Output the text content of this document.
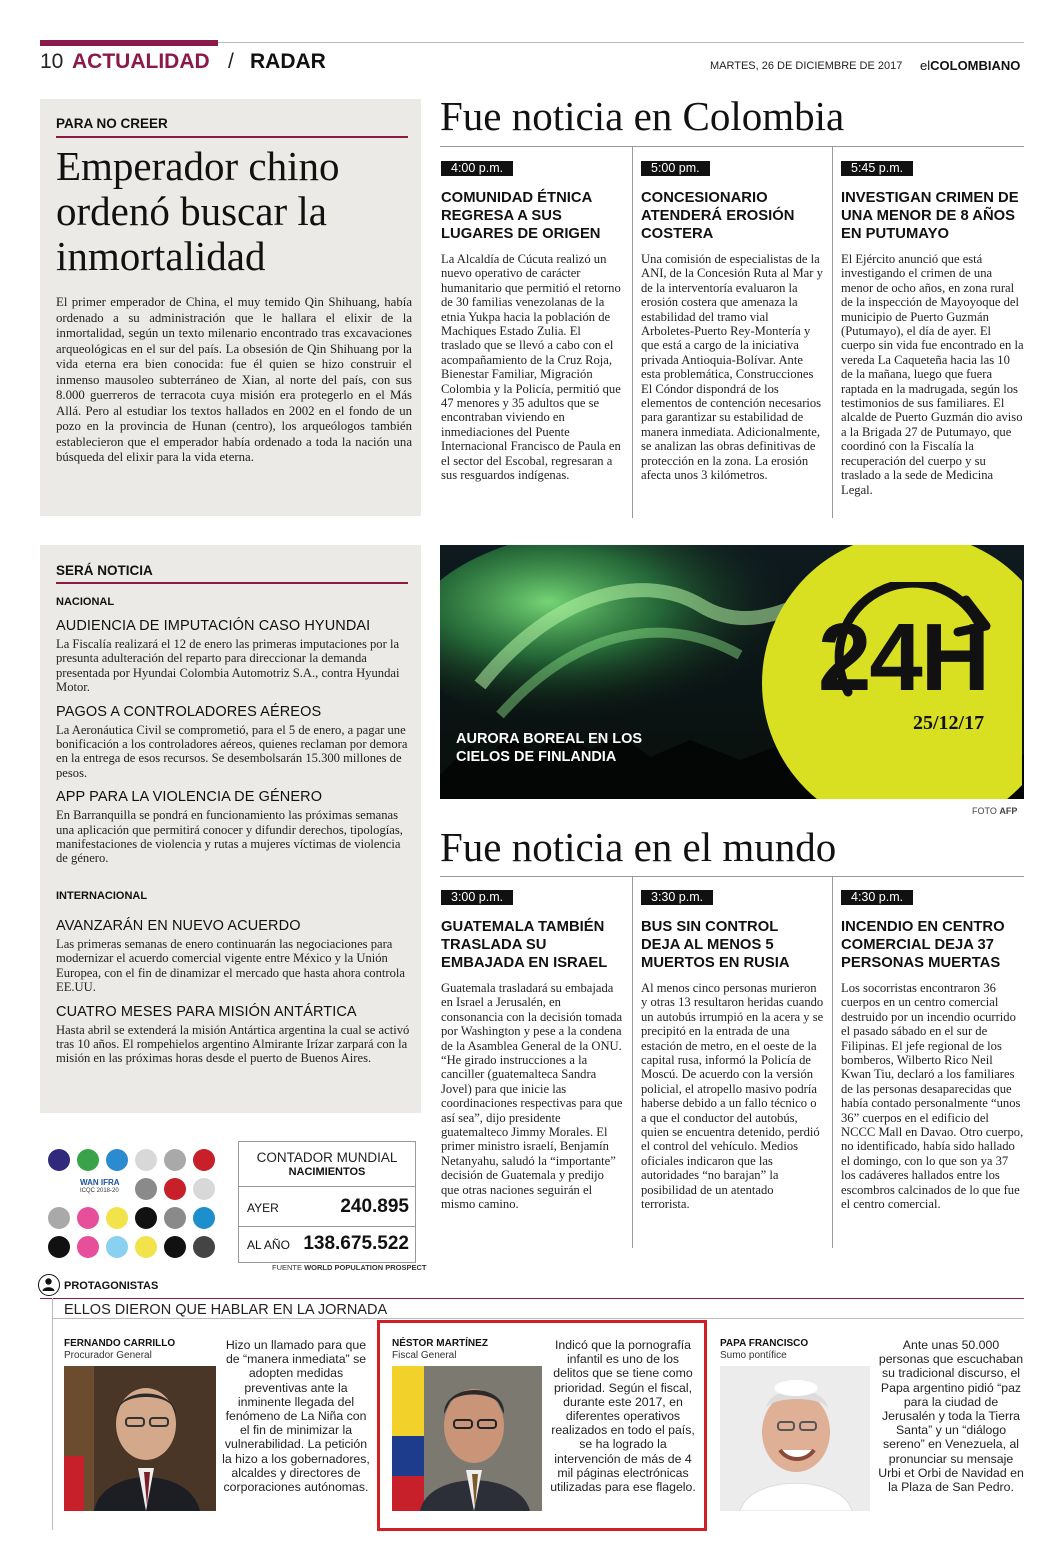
10 ACTUALIDAD / RADAR	MARTES, 26 DE DICIEMBRE DE 2017 elCOLOMBIANO
PARA NO CREER
Emperador chino ordenó buscar la inmortalidad
El primer emperador de China, el muy temido Qin Shihuang, había ordenado a su administración que le hallara el elixir de la inmortalidad, según un texto milenario encontrado tras excavaciones arqueológicas en el sur del país. La obsesión de Qin Shihuang por la vida eterna era bien conocida: fue él quien se hizo construir el inmenso mausoleo subterráneo de Xian, al norte del país, con sus 8.000 guerreros de terracota cuya misión era protegerlo en el Más Allá. Pero al estudiar los textos hallados en 2002 en el fondo de un pozo en la provincia de Hunan (centro), los arqueólogos también establecieron que el emperador había ordenado a toda la nación una búsqueda del elixir para la vida eterna.
Fue noticia en Colombia
4:00 p.m.
COMUNIDAD ÉTNICA REGRESA A SUS LUGARES DE ORIGEN
La Alcaldía de Cúcuta realizó un nuevo operativo de carácter humanitario que permitió el retorno de 30 familias venezolanas de la etnia Yukpa hacia la población de Machiques Estado Zulia. El traslado que se llevó a cabo con el acompañamiento de la Cruz Roja, Bienestar Familiar, Migración Colombia y la Policía, permitió que 47 menores y 35 adultos que se encontraban viviendo en inmediaciones del Puente Internacional Francisco de Paula en el sector del Escobal, regresaran a sus resguardos indígenas.
5:00 pm.
CONCESIONARIO ATENDERÁ EROSIÓN COSTERA
Una comisión de especialistas de la ANI, de la Concesión Ruta al Mar y de la interventoría evaluaron la erosión costera que amenaza la estabilidad del tramo vial Arboletes-Puerto Rey-Montería y que está a cargo de la iniciativa privada Antioquia-Bolívar. Ante esta problemática, Construcciones El Cóndor dispondrá de los elementos de contención necesarios para garantizar su estabilidad de manera inmediata. Adicionalmente, se analizan las obras definitivas de protección en la zona. La erosión afecta unos 3 kilómetros.
5:45 p.m.
INVESTIGAN CRIMEN DE UNA MENOR DE 8 AÑOS EN PUTUMAYO
El Ejército anunció que está investigando el crimen de una menor de ocho años, en zona rural de la inspección de Mayoyoque del municipio de Puerto Guzmán (Putumayo), el día de ayer. El cuerpo sin vida fue encontrado en la vereda La Caqueteña hacia las 10 de la mañana, luego que fuera raptada en la madrugada, según los testimonios de sus familiares. El alcalde de Puerto Guzmán dio aviso a la Brigada 27 de Putumayo, que coordinó con la Fiscalía la recuperación del cuerpo y su traslado a la sede de Medicina Legal.
SERÁ NOTICIA
NACIONAL
AUDIENCIA DE IMPUTACIÓN CASO HYUNDAI
La Fiscalía realizará el 12 de enero las primeras imputaciones por la presunta adulteración del reparto para direccionar la demanda presentada por Hyundai Colombia Automotriz S.A., contra Hyundai Motor.
PAGOS A CONTROLADORES AÉREOS
La Aeronáutica Civil se comprometió, para el 5 de enero, a pagar une bonificación a los controladores aéreos, quienes reclaman por demora en la entrega de esos recursos. Se desembolsarán 15.300 millones de pesos.
APP PARA LA VIOLENCIA DE GÉNERO
En Barranquilla se pondrá en funcionamiento las próximas semanas una aplicación que permitirá conocer y difundir derechos, tipologías, manifestaciones de violencia y rutas a mujeres víctimas de violencia de género.
INTERNACIONAL
AVANZARÁN EN NUEVO ACUERDO
Las primeras semanas de enero continuarán las negociaciones para modernizar el acuerdo comercial vigente entre México y la Unión Europea, con el fin de dinamizar el mercado que hasta ahora controla EE.UU.
CUATRO MESES PARA MISIÓN ANTÁRTICA
Hasta abril se extenderá la misión Antártica argentina la cual se activó tras 10 años. El rompehielos argentino Almirante Irízar zarpará con la misión en las próximas horas desde el puerto de Buenos Aires.
AURORA BOREAL EN LOS CIELOS DE FINLANDIA
24H
25/12/17
FOTO AFP
Fue noticia en el mundo
3:00 p.m.
GUATEMALA TAMBIÉN TRASLADA SU EMBAJADA EN ISRAEL
Guatemala trasladará su embajada en Israel a Jerusalén, en consonancia con la decisión tomada por Washington y pese a la condena de la Asamblea General de la ONU. “He girado instrucciones a la canciller (guatemalteca Sandra Jovel) para que inicie las coordinaciones respectivas para que así sea”, dijo presidente guatemalteco Jimmy Morales. El primer ministro israelí, Benjamín Netanyahu, saludó la “importante” decisión de Guatemala y predijo que otras naciones seguirán el mismo camino.
3:30 p.m.
BUS SIN CONTROL DEJA AL MENOS 5 MUERTOS EN RUSIA
Al menos cinco personas murieron y otras 13 resultaron heridas cuando un autobús irrumpió en la acera y se precipitó en la entrada de una estación de metro, en el oeste de la capital rusa, informó la Policía de Moscú. De acuerdo con la versión policial, el atropello masivo podría haberse debido a un fallo técnico o a que el conductor del autobús, quien se encuentra detenido, perdió el control del vehículo. Medios oficiales indicaron que las autoridades “no barajan” la posibilidad de un atentado terrorista.
4:30 p.m.
INCENDIO EN CENTRO COMERCIAL DEJA 37 PERSONAS MUERTAS
Los socorristas encontraron 36 cuerpos en un centro comercial destruido por un incendio ocurrido el pasado sábado en el sur de Filipinas. El jefe regional de los bomberos, Wilberto Rico Neil Kwan Tiu, declaró a los familiares de las personas desaparecidas que había contado personalmente “unos 36” cuerpos en el edificio del NCCC Mall en Davao. Otro cuerpo, no identificado, había sido hallado el domingo, con lo que son ya 37 los cadáveres hallados entre los escombros calcinados de lo que fue el centro comercial.
WAN IFRA
ICQC 2018-20
CONTADOR MUNDIAL
NACIMIENTOS
AYER	240.895
AL AÑO 138.675.522
FUENTE WORLD POPULATION PROSPECT
PROTAGONISTAS
ELLOS DIERON QUE HABLAR EN LA JORNADA
FERNANDO CARRILLO
Procurador General
Hizo un llamado para que de “manera inmediata” se adopten medidas preventivas ante la inminente llegada del fenómeno de La Niña con el fin de minimizar la vulnerabilidad. La petición la hizo a los gobernadores, alcaldes y directores de corporaciones autónomas.
NÉSTOR MARTÍNEZ
Fiscal General
Indicó que la pornografía infantil es uno de los delitos que se tiene como prioridad. Según el fiscal, durante este 2017, en diferentes operativos realizados en todo el país, se ha logrado la intervención de más de 4 mil páginas electrónicas utilizadas para ese flagelo.
PAPA FRANCISCO
Sumo pontífice
Ante unas 50.000 personas que escuchaban su tradicional discurso, el Papa argentino pidió “paz para la ciudad de Jerusalén y toda la Tierra Santa” y un “diálogo sereno” en Venezuela, al pronunciar su mensaje Urbi et Orbi de Navidad en la Plaza de San Pedro.
